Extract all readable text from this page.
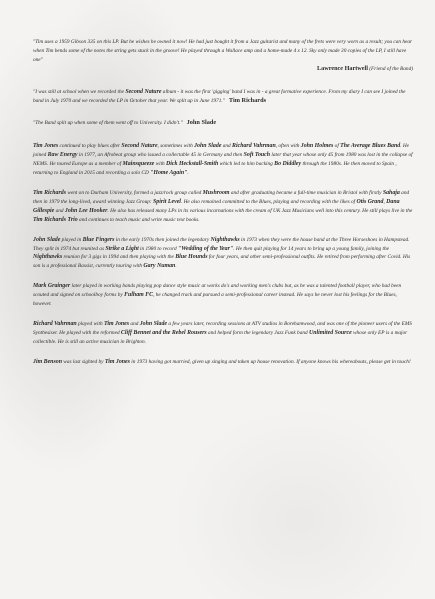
"Tim uses a 1959 Gibson 335 on this LP. But he wishes he owned it now! He had just bought it from a Jazz guitarist and many of the frets were very worn as a result; you can hear when Tim bends some of the notes the string gets stuck in the groove! He played through a Wallace amp and a home-made 4 x 12. Sky only made 30 copies of the LP, I still have one"

Lawrence Hartwell (Friend of the Band)

"I was still at school when we recorded the Second Nature album - it was the first 'gigging' band I was in - a great formative experience. From my diary I can see I joined the band in July 1970 and we recorded the LP in October that year. We split up in June 1971." Tim Richards

"The Band split up when some of them went off to University. I didn't." John Slade

Tim Jones continued to play blues after Second Nature, sometimes with John Slade and Richard Vahrman, often with John Holmes of The Average Blues Band. He joined Raw Energy in 1977, an Afrobeat group who issued a collectable 45 in Germany and then Soft Touch later that year whose only 45 from 1980 was lost in the collapse of NEMS. He toured Europe as a member of Mainsqueeze with Dick Heckstall-Smith which led to him backing Bo Diddley through the 1980s. He then moved to Spain , returning to England in 2015 and recording a solo CD "Home Again".

Tim Richards went on to Durham University, formed a jazz/rock group called Mushroom and after graduating became a full-time musician in Bristol with firstly Sahaja and then in 1979 the long-lived, award winning Jazz Group: Spirit Level. He also remained committed to the Blues, playing and recording with the likes of Otis Grand, Dana Gillespie and John Lee Hooker. He also has released many LPs in its various incarnations with the cream of UK Jazz Musicians well into this century. He still plays live in the Tim Richards Trio and continues to teach music and write music text books.

John Slade played in Blue Fingers in the early 1970s then joined the legendary Nighthawks in 1973 when they were the house band at the Three Horseshoes in Hampstead. They split in 1974 but reunited as Strike a Light in 1980 to record "Wedding of the Year". He then quit playing for 14 years to bring up a young family, joining the Nighthawks reunion for 3 gigs in 1994 and then playing with the Blue Hounds for four years, and other semi-professional outfits. He retired from performing after Covid. His son is a professional Bassist, currently touring with Gary Numan.

Mark Grainger later played in working bands playing pop dance style music at works do's and working men's clubs but, as he was a talented football player, who had been scouted and signed on schoolboy forms by Fulham FC, he changed track and pursued a semi-professional career instead. He says he never lost his feelings for the Blues, however.

Richard Vahrman played with Tim Jones and John Slade a few years later, recording sessions at ATV studios in Borehamwood, and was one of the pioneer users of the EMS Synthesiser. He played with the reformed Cliff Bennet and the Rebel Rousers and helped form the legendary Jazz Funk band Unlimited Source whose only EP is a major collectible. He is still an active musician in Brighton.

Jim Benson was last sighted by Tim Jones in 1973 having got married, given up singing and taken up house renovation. If anyone knows his whereabouts, please get in touch!
